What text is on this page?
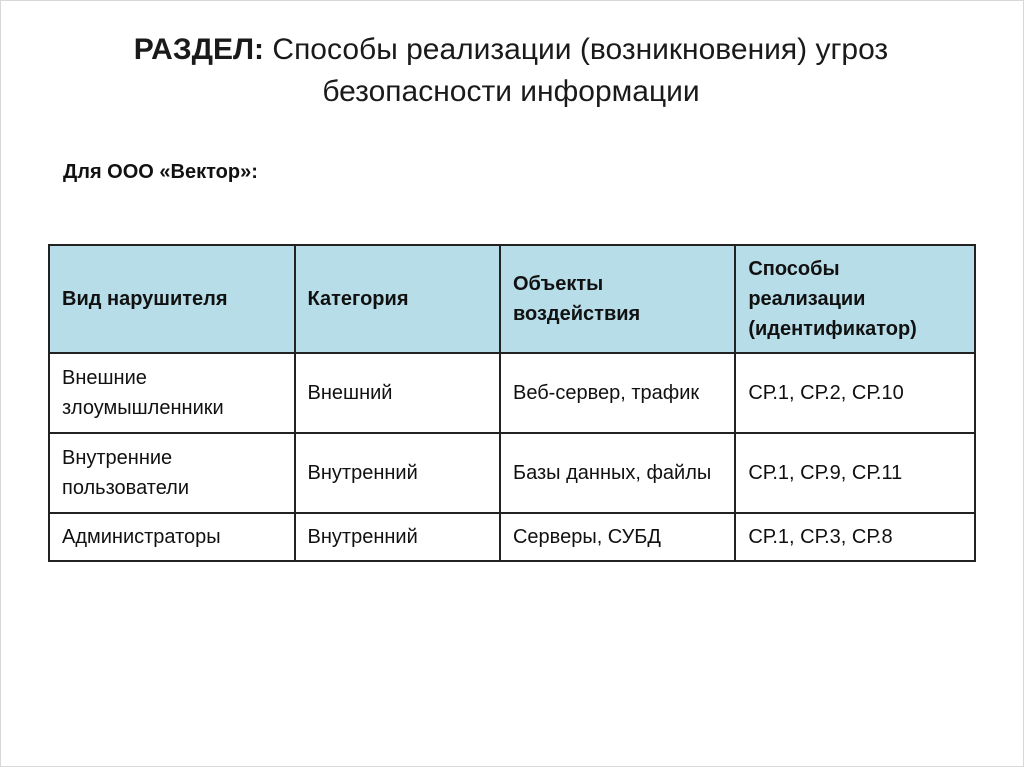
РАЗДЕЛ: Способы реализации (возникновения) угроз безопасности информации
Для ООО «Вектор»:
Вид нарушителя	Категория	Объекты воздействия	Способы реализации (идентификатор)
Внешние злоумышленники	Внешний	Веб-сервер, трафик	СР.1, СР.2, СР.10
Внутренние пользователи	Внутренний	Базы данных, файлы	СР.1, СР.9, СР.11
Администраторы	Внутренний	Серверы, СУБД	СР.1, СР.3, СР.8
